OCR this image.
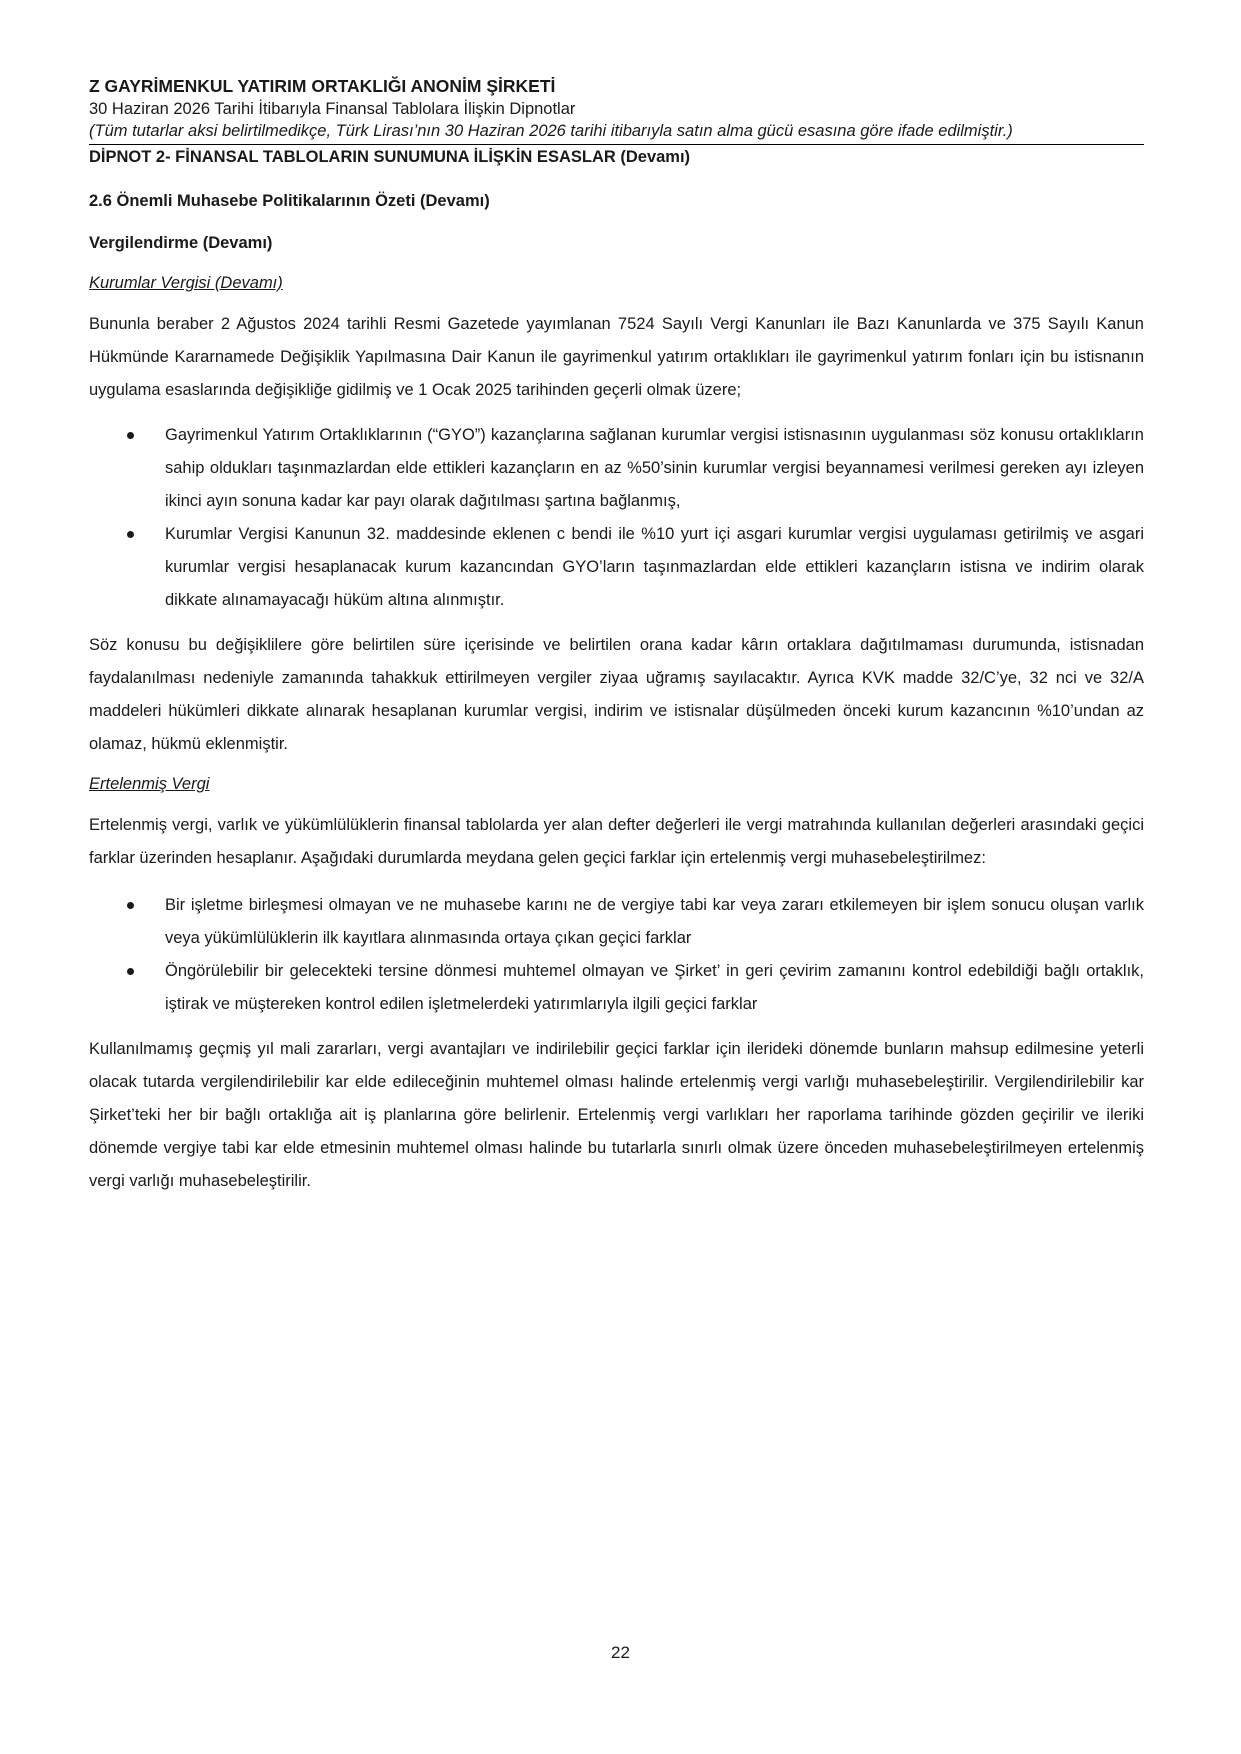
Z GAYRİMENKUL YATIRIM ORTAKLIĞI ANONİM ŞİRKETİ

30 Haziran 2026 Tarihi İtibarıyla Finansal Tablolara İlişkin Dipnotlar

(Tüm tutarlar aksi belirtilmedikçe, Türk Lirası’nın 30 Haziran 2026 tarihi itibarıyla satın alma gücü esasına göre ifade edilmiştir.)

DİPNOT 2- FİNANSAL TABLOLARIN SUNUMUNA İLİŞKİN ESASLAR (Devamı)

2.6 Önemli Muhasebe Politikalarının Özeti (Devamı)

Vergilendirme (Devamı)

Kurumlar Vergisi (Devamı)

Bununla beraber 2 Ağustos 2024 tarihli Resmi Gazetede yayımlanan 7524 Sayılı Vergi Kanunları ile Bazı Kanunlarda ve 375 Sayılı Kanun Hükmünde Kararnamede Değişiklik Yapılmasına Dair Kanun ile gayrimenkul yatırım ortaklıkları ile gayrimenkul yatırım fonları için bu istisnanın uygulama esaslarında değişikliğe gidilmiş ve 1 Ocak 2025 tarihinden geçerli olmak üzere;

Gayrimenkul Yatırım Ortaklıklarının (“GYO”) kazançlarına sağlanan kurumlar vergisi istisnasının uygulanması söz konusu ortaklıkların sahip oldukları taşınmazlardan elde ettikleri kazançların en az %50’sinin kurumlar vergisi beyannamesi verilmesi gereken ayı izleyen ikinci ayın sonuna kadar kar payı olarak dağıtılması şartına bağlanmış,
Kurumlar Vergisi Kanunun 32. maddesinde eklenen c bendi ile %10 yurt içi asgari kurumlar vergisi uygulaması getirilmiş ve asgari kurumlar vergisi hesaplanacak kurum kazancından GYO’ların taşınmazlardan elde ettikleri kazançların istisna ve indirim olarak dikkate alınamayacağı hüküm altına alınmıştır.

Söz konusu bu değişiklilere göre belirtilen süre içerisinde ve belirtilen orana kadar kârın ortaklara dağıtılmaması durumunda, istisnadan faydalanılması nedeniyle zamanında tahakkuk ettirilmeyen vergiler ziyaa uğramış sayılacaktır. Ayrıca KVK madde 32/C’ye, 32 nci ve 32/A maddeleri hükümleri dikkate alınarak hesaplanan kurumlar vergisi, indirim ve istisnalar düşülmeden önceki kurum kazancının %10’undan az olamaz, hükmü eklenmiştir.

Ertelenmiş Vergi

Ertelenmiş vergi, varlık ve yükümlülüklerin finansal tablolarda yer alan defter değerleri ile vergi matrahında kullanılan değerleri arasındaki geçici farklar üzerinden hesaplanır. Aşağıdaki durumlarda meydana gelen geçici farklar için ertelenmiş vergi muhasebeleştirilmez:

Bir işletme birleşmesi olmayan ve ne muhasebe karını ne de vergiye tabi kar veya zararı etkilemeyen bir işlem sonucu oluşan varlık veya yükümlülüklerin ilk kayıtlara alınmasında ortaya çıkan geçici farklar
Öngörülebilir bir gelecekteki tersine dönmesi muhtemel olmayan ve Şirket’ in geri çevirim zamanını kontrol edebildiği bağlı ortaklık, iştirak ve müştereken kontrol edilen işletmelerdeki yatırımlarıyla ilgili geçici farklar

Kullanılmamış geçmiş yıl mali zararları, vergi avantajları ve indirilebilir geçici farklar için ilerideki dönemde bunların mahsup edilmesine yeterli olacak tutarda vergilendirilebilir kar elde edileceğinin muhtemel olması halinde ertelenmiş vergi varlığı muhasebeleştirilir. Vergilendirilebilir kar Şirket’teki her bir bağlı ortaklığa ait iş planlarına göre belirlenir. Ertelenmiş vergi varlıkları her raporlama tarihinde gözden geçirilir ve ileriki dönemde vergiye tabi kar elde etmesinin muhtemel olması halinde bu tutarlarla sınırlı olmak üzere önceden muhasebeleştirilmeyen ertelenmiş vergi varlığı muhasebeleştirilir.

22
